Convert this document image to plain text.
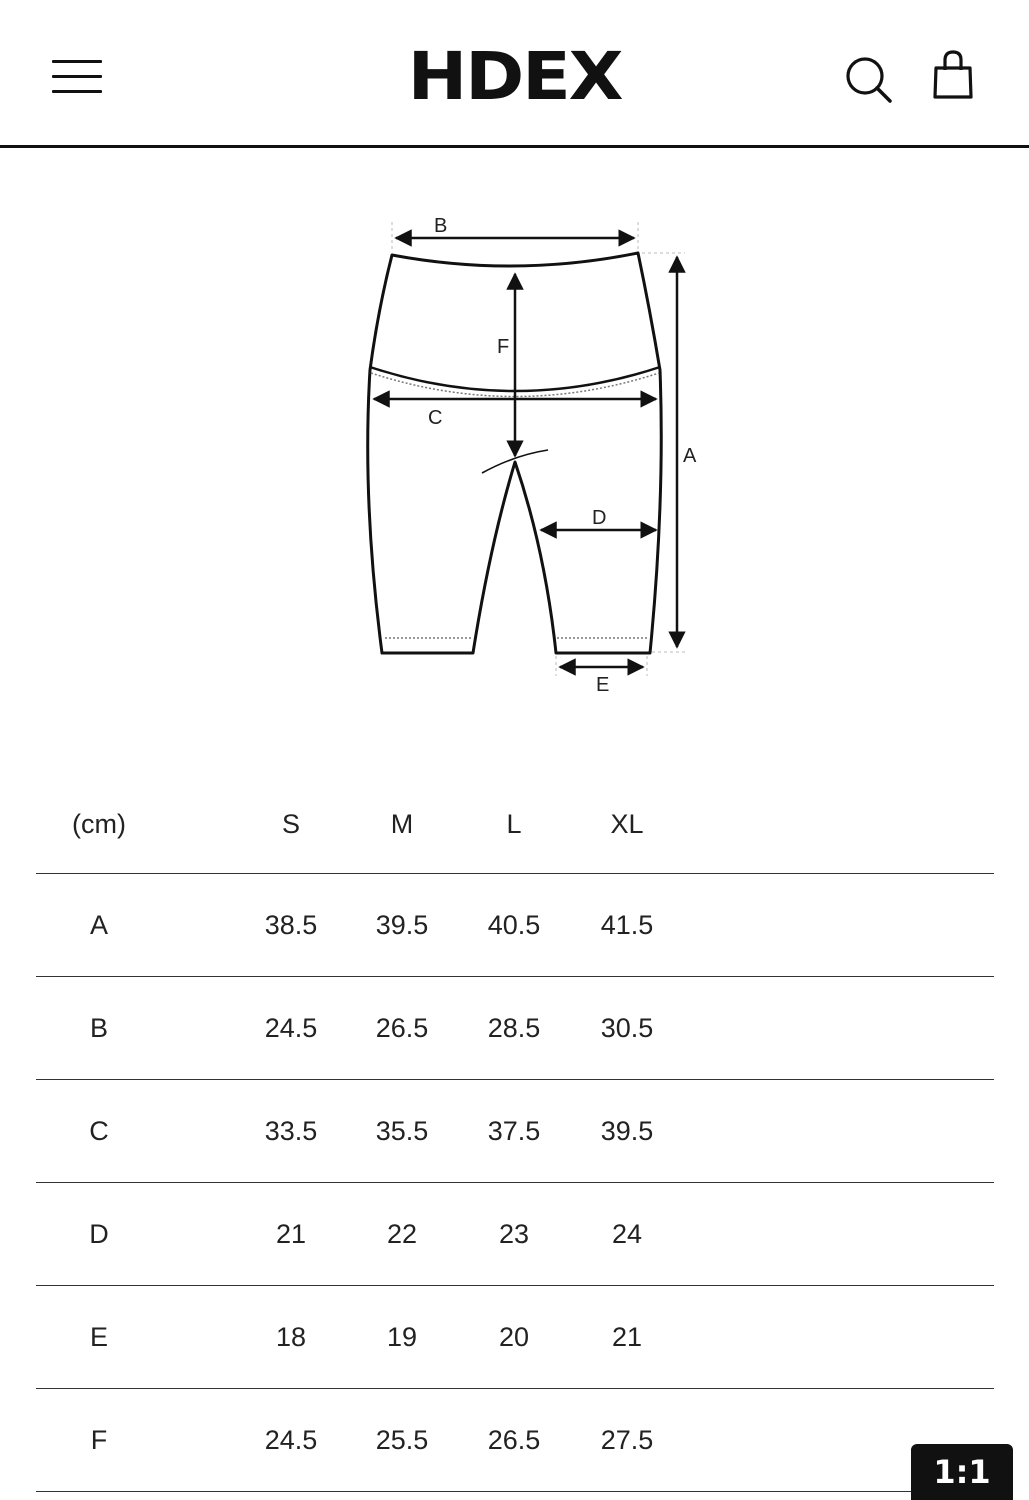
HDEX
B
F
C
A
D
E
(cm)	S	M	L	XL
A	38.5	39.5	40.5	41.5
B	24.5	26.5	28.5	30.5
C	33.5	35.5	37.5	39.5
D	21	22	23	24
E	18	19	20	21
F	24.5	25.5	26.5	27.5
1:1
